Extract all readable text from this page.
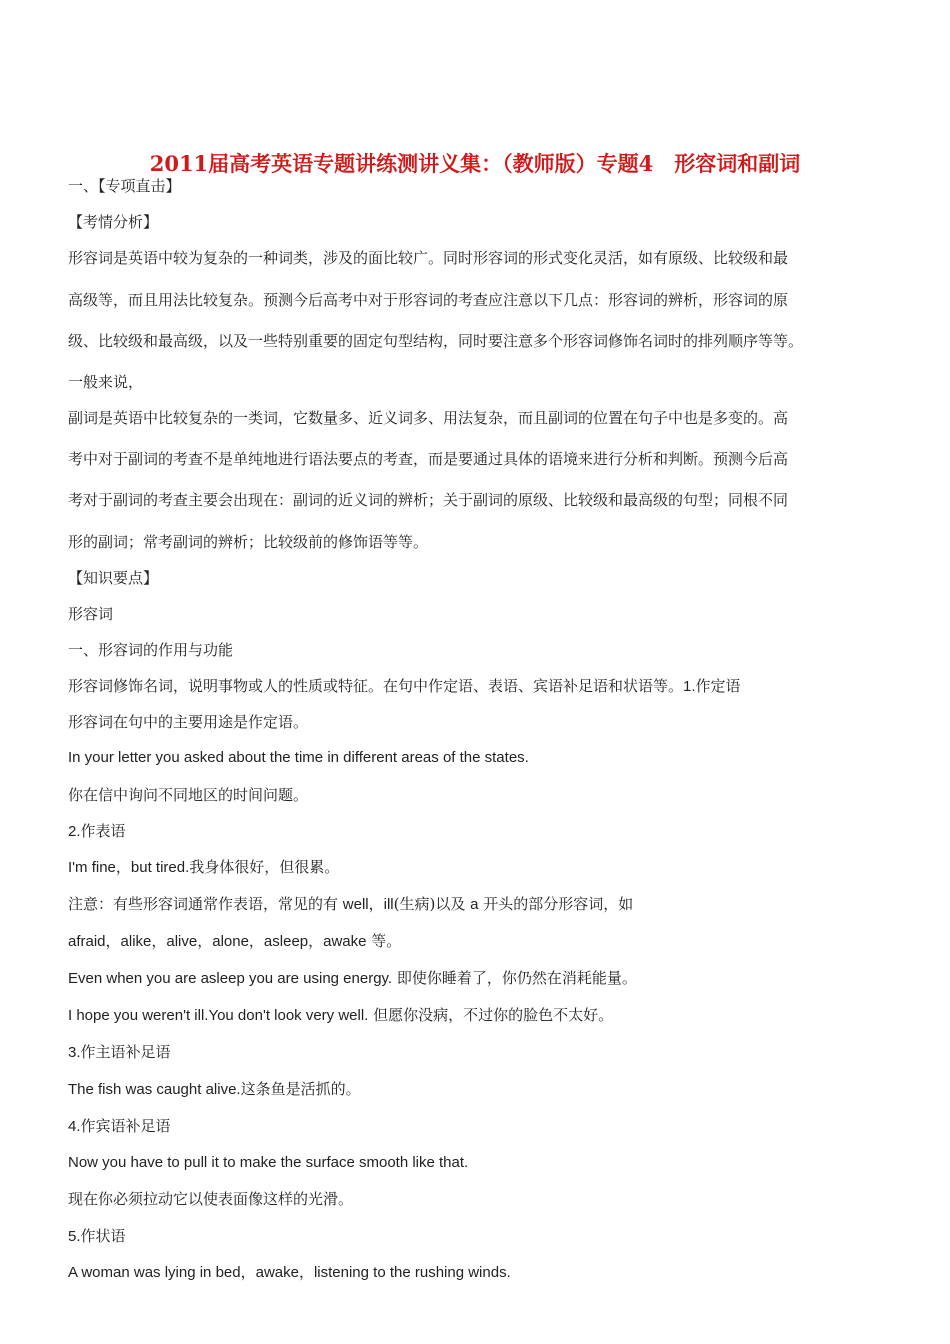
2011届高考英语专题讲练测讲义集：（教师版）专题4　形容词和副词
一、【专项直击】
【考情分析】
形容词是英语中较为复杂的一种词类，涉及的面比较广。同时形容词的形式变化灵活，如有原级、比较级和最
高级等，而且用法比较复杂。预测今后高考中对于形容词的考查应注意以下几点：形容词的辨析，形容词的原
级、比较级和最高级，以及一些特别重要的固定句型结构，同时要注意多个形容词修饰名词时的排列顺序等等。
一般来说，
副词是英语中比较复杂的一类词，它数量多、近义词多、用法复杂，而且副词的位置在句子中也是多变的。高
考中对于副词的考查不是单纯地进行语法要点的考查，而是要通过具体的语境来进行分析和判断。预测今后高
考对于副词的考查主要会出现在：副词的近义词的辨析；关于副词的原级、比较级和最高级的句型；同根不同
形的副词；常考副词的辨析；比较级前的修饰语等等。
【知识要点】
形容词
一、形容词的作用与功能
形容词修饰名词，说明事物或人的性质或特征。在句中作定语、表语、宾语补足语和状语等。1.作定语
形容词在句中的主要用途是作定语。
In your letter you asked about the time in different areas of the states.
你在信中询问不同地区的时间问题。
2.作表语
I'm fine，but tired.我身体很好，但很累。
注意：有些形容词通常作表语，常见的有 well，ill(生病)以及 a 开头的部分形容词，如
afraid，alike，alive，alone，asleep，awake 等。
Even when you are asleep you are using energy. 即使你睡着了，你仍然在消耗能量。
I hope you weren't ill.You don't look very well. 但愿你没病，不过你的脸色不太好。
3.作主语补足语
The fish was caught alive.这条鱼是活抓的。
4.作宾语补足语
Now you have to pull it to make the surface smooth like that.
现在你必须拉动它以使表面像这样的光滑。
5.作状语
A woman was lying in bed，awake，listening to the rushing winds.
